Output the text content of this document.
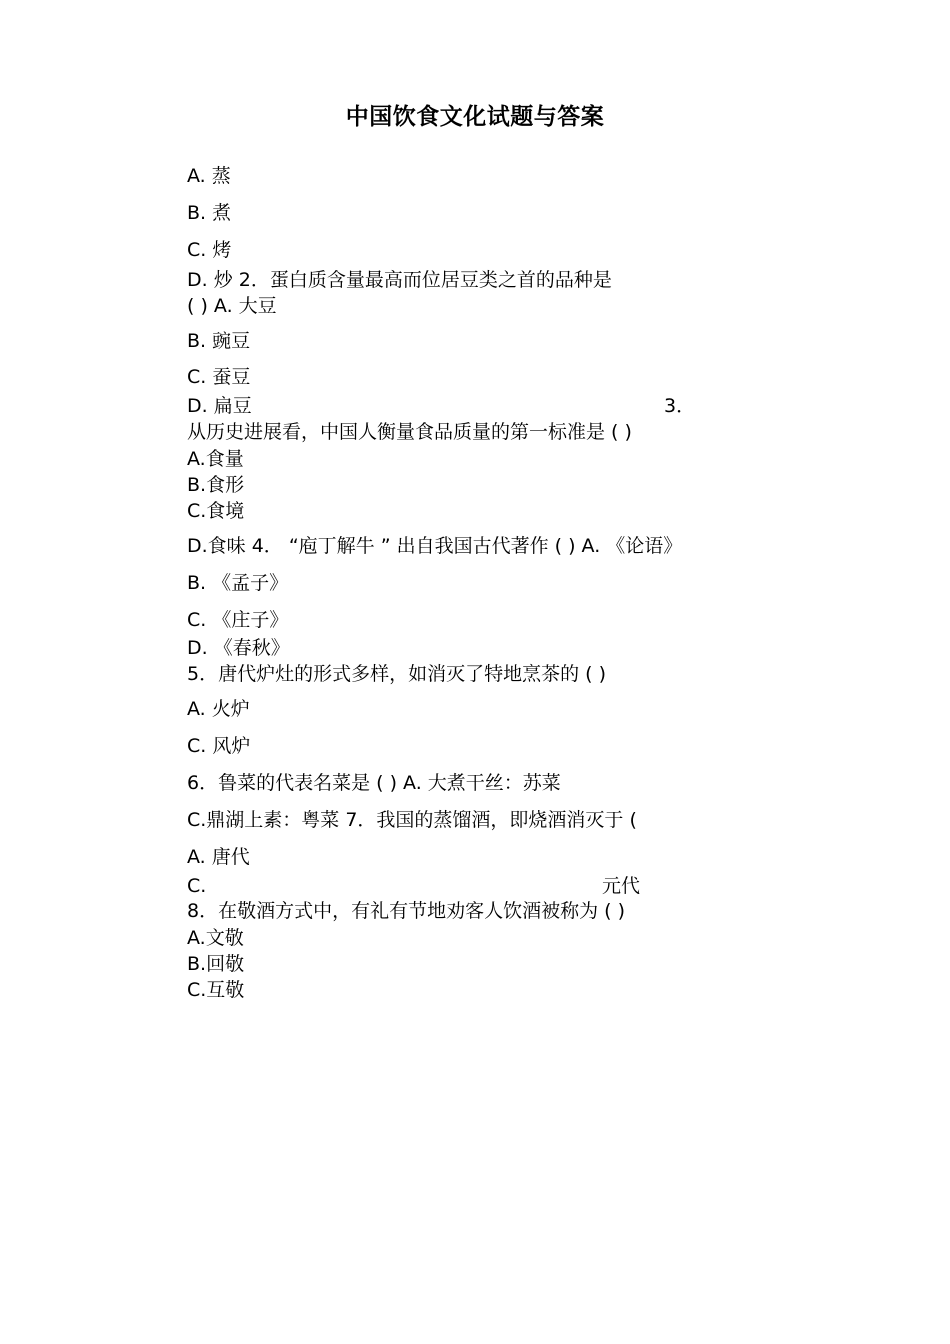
中国饮食文化试题与答案
A. 蒸
B. 煮
C. 烤
D. 炒 2．蛋白质含量最高而位居豆类之首的品种是
( ) A. 大豆
B. 豌豆
C. 蚕豆
D. 扁豆	3．
从历史进展看，中国人衡量食品质量的第一标准是 ( )
A.食量
B.食形
C.食境
D.食味 4． “庖丁解牛 ” 出自我国古代著作 ( ) A. 《论语》
B. 《孟子》
C. 《庄子》
D. 《春秋》
5．唐代炉灶的形式多样，如消灭了特地烹茶的 ( )
A. 火炉
C. 风炉
6．鲁菜的代表名菜是 ( ) A. 大煮干丝：苏菜
C.鼎湖上素：粤菜 7．我国的蒸馏酒，即烧酒消灭于 (
A. 唐代
C.	元代
8．在敬酒方式中，有礼有节地劝客人饮酒被称为 ( )
A.文敬
B.回敬
C.互敬
